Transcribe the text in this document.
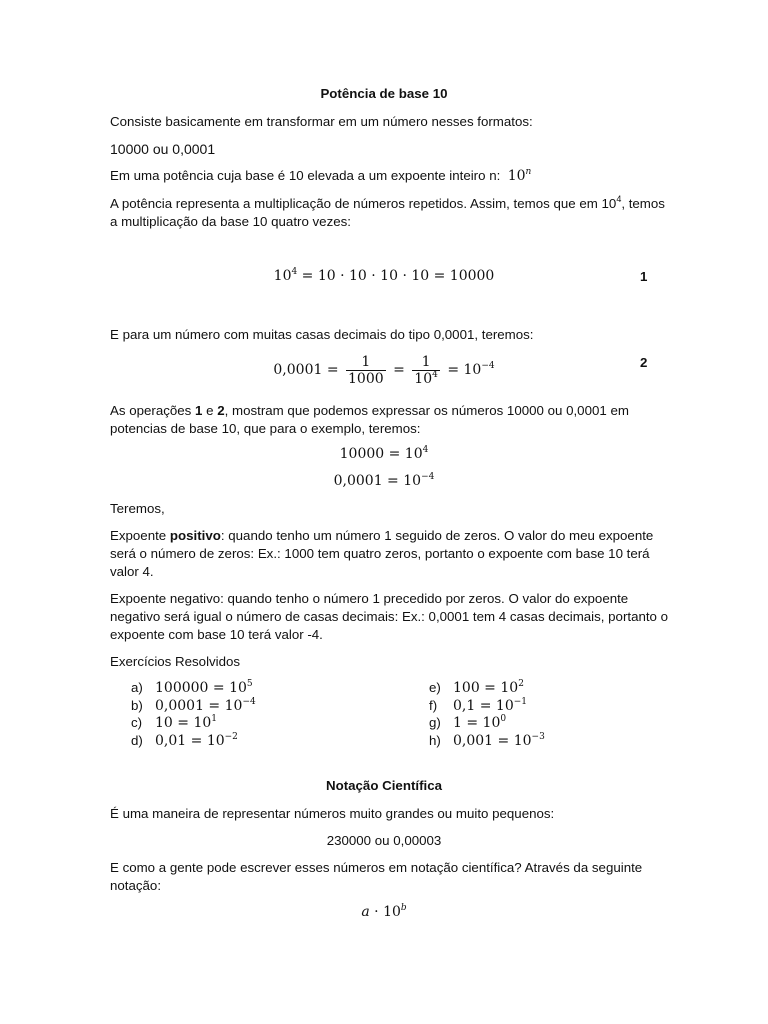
Potência de base 10
Consiste basicamente em transformar em um número nesses formatos:
10000 ou 0,0001
Em uma potência cuja base é 10 elevada a um expoente inteiro n: 10$^n$
A potência representa a multiplicação de números repetidos. Assim, temos que em $10^4$, temos
a multiplicação da base 10 quatro vezes:
$10^4 = 10 \cdot 10 \cdot 10 \cdot 10 = 10000$	1
E para um número com muitas casas decimais do tipo 0,0001, teremos:
$0,0001 = \frac{1}{1000} = \frac{1}{10^4} = 10^{-4}$	2
As operações 1 e 2, mostram que podemos expressar os números 10000 ou 0,0001 em
potencias de base 10, que para o exemplo, teremos:
$10000 = 10^4$
$0,0001 = 10^{-4}$
Teremos,
Expoente positivo: quando tenho um número 1 seguido de zeros. O valor do meu expoente
será o número de zeros: Ex.: 1000 tem quatro zeros, portanto o expoente com base 10 terá
valor 4.
Expoente negativo: quando tenho o número 1 precedido por zeros. O valor do expoente
negativo será igual o número de casas decimais: Ex.: 0,0001 tem 4 casas decimais, portanto o
expoente com base 10 terá valor -4.
Exercícios Resolvidos
a) $100000 = 10^5$
b) $0,0001 = 10^{-4}$
c) $10 = 10^1$
d) $0,01 = 10^{-2}$
e) $100 = 10^2$
f) $0,1 = 10^{-1}$
g) $1 = 10^0$
h) $0,001 = 10^{-3}$
Notação Científica
É uma maneira de representar números muito grandes ou muito pequenos:
230000 ou 0,00003
E como a gente pode escrever esses números em notação científica? Através da seguinte
notação:
$a \cdot 10^b$
